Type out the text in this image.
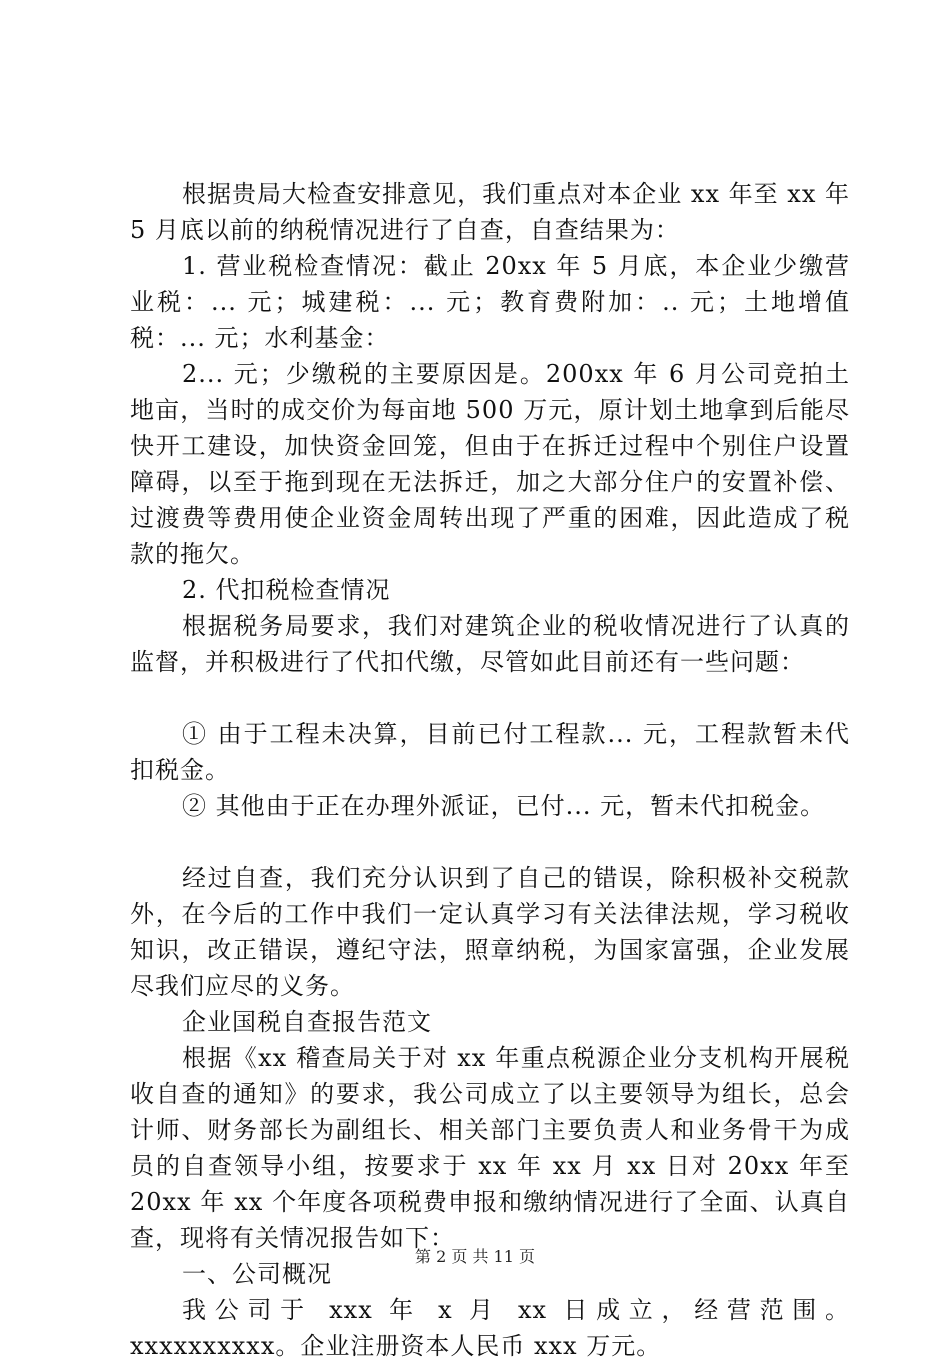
根据贵局大检查安排意见，我们重点对本企业 xx 年至 xx 年 5 月底以前的纳税情况进行了自查，自查结果为：

1. 营业税检查情况：截止 20xx 年 5 月底，本企业少缴营业税：... 元；城建税：... 元；教育费附加：.. 元；土地增值税：... 元；水利基金：

2... 元；少缴税的主要原因是。200xx 年 6 月公司竞拍土地亩，当时的成交价为每亩地 500 万元，原计划土地拿到后能尽快开工建设，加快资金回笼，但由于在拆迁过程中个别住户设置障碍，以至于拖到现在无法拆迁，加之大部分住户的安置补偿、过渡费等费用使企业资金周转出现了严重的困难，因此造成了税款的拖欠。

2. 代扣税检查情况

根据税务局要求，我们对建筑企业的税收情况进行了认真的监督，并积极进行了代扣代缴，尽管如此目前还有一些问题：

① 由于工程未决算，目前已付工程款... 元，工程款暂未代扣税金。

② 其他由于正在办理外派证，已付... 元，暂未代扣税金。

经过自查，我们充分认识到了自己的错误，除积极补交税款外，在今后的工作中我们一定认真学习有关法律法规，学习税收知识，改正错误，遵纪守法，照章纳税，为国家富强，企业发展尽我们应尽的义务。

企业国税自查报告范文

根据《xx 稽查局关于对 xx 年重点税源企业分支机构开展税收自查的通知》的要求，我公司成立了以主要领导为组长，总会计师、财务部长为副组长、相关部门主要负责人和业务骨干为成员的自查领导小组，按要求于 xx 年 xx 月 xx 日对 20xx 年至 20xx 年 xx 个年度各项税费申报和缴纳情况进行了全面、认真自查，现将有关情况报告如下：

一、公司概况

我公司于 xxx 年 x 月 xx 日成立，经营范围。xxxxxxxxxx。企业注册资本人民币 xxx 万元。

第 2 页 共 11 页
